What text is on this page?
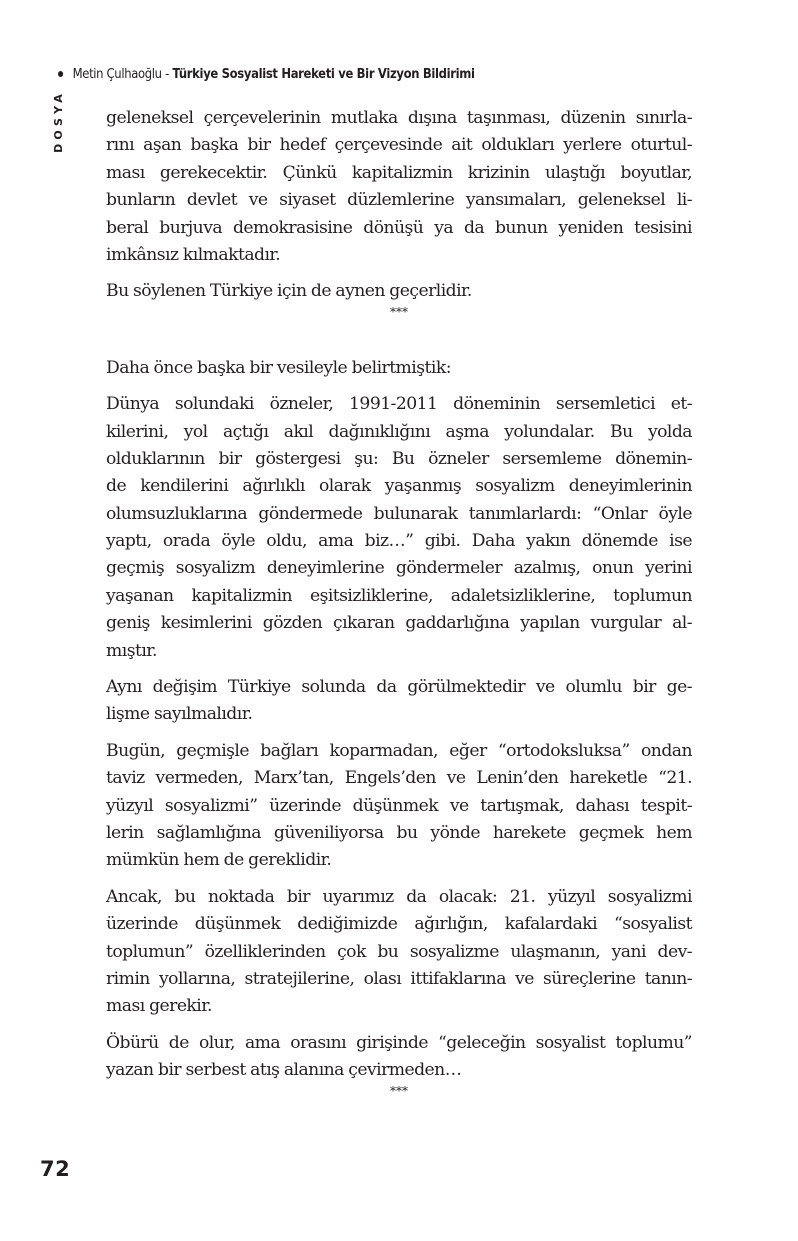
Metin Çulhaoğlu - Türkiye Sosyalist Hareketi ve Bir Vizyon Bildirimi
DOSYA geleneksel çerçevelerinin mutlaka dışına taşınması, düzenin sınırla-
rını aşan başka bir hedef çerçevesinde ait oldukları yerlere oturtul-
ması gerekecektir. Çünkü kapitalizmin krizinin ulaştığı boyutlar,
bunların devlet ve siyaset düzlemlerine yansımaları, geleneksel li-
beral burjuva demokrasisine dönüşü ya da bunun yeniden tesisini
imkânsız kılmaktadır.
Bu söylenen Türkiye için de aynen geçerlidir.
***
Daha önce başka bir vesileyle belirtmiştik:
Dünya solundaki özneler, 1991-2011 döneminin sersemletici et-
kilerini, yol açtığı akıl dağınıklığını aşma yolundalar. Bu yolda
olduklarının bir göstergesi şu: Bu özneler sersemleme dönemin-
de kendilerini ağırlıklı olarak yaşanmış sosyalizm deneyimlerinin
olumsuzluklarına göndermede bulunarak tanımlarlardı: “Onlar öyle
yaptı, orada öyle oldu, ama biz…” gibi. Daha yakın dönemde ise
geçmiş sosyalizm deneyimlerine göndermeler azalmış, onun yerini
yaşanan kapitalizmin eşitsizliklerine, adaletsizliklerine, toplumun
geniş kesimlerini gözden çıkaran gaddarlığına yapılan vurgular al-
mıştır.
Aynı değişim Türkiye solunda da görülmektedir ve olumlu bir ge-
lişme sayılmalıdır.
Bugün, geçmişle bağları koparmadan, eğer “ortodoksluksa” ondan
taviz vermeden, Marx’tan, Engels’den ve Lenin’den hareketle “21.
yüzyıl sosyalizmi” üzerinde düşünmek ve tartışmak, dahası tespit-
lerin sağlamlığına güveniliyorsa bu yönde harekete geçmek hem
mümkün hem de gereklidir.
Ancak, bu noktada bir uyarımız da olacak: 21. yüzyıl sosyalizmi
üzerinde düşünmek dediğimizde ağırlığın, kafalardaki “sosyalist
toplumun” özelliklerinden çok bu sosyalizme ulaşmanın, yani dev-
rimin yollarına, stratejilerine, olası ittifaklarına ve süreçlerine tanın-
ması gerekir.
Öbürü de olur, ama orasını girişinde “geleceğin sosyalist toplumu”
yazan bir serbest atış alanına çevirmeden…
***
72
